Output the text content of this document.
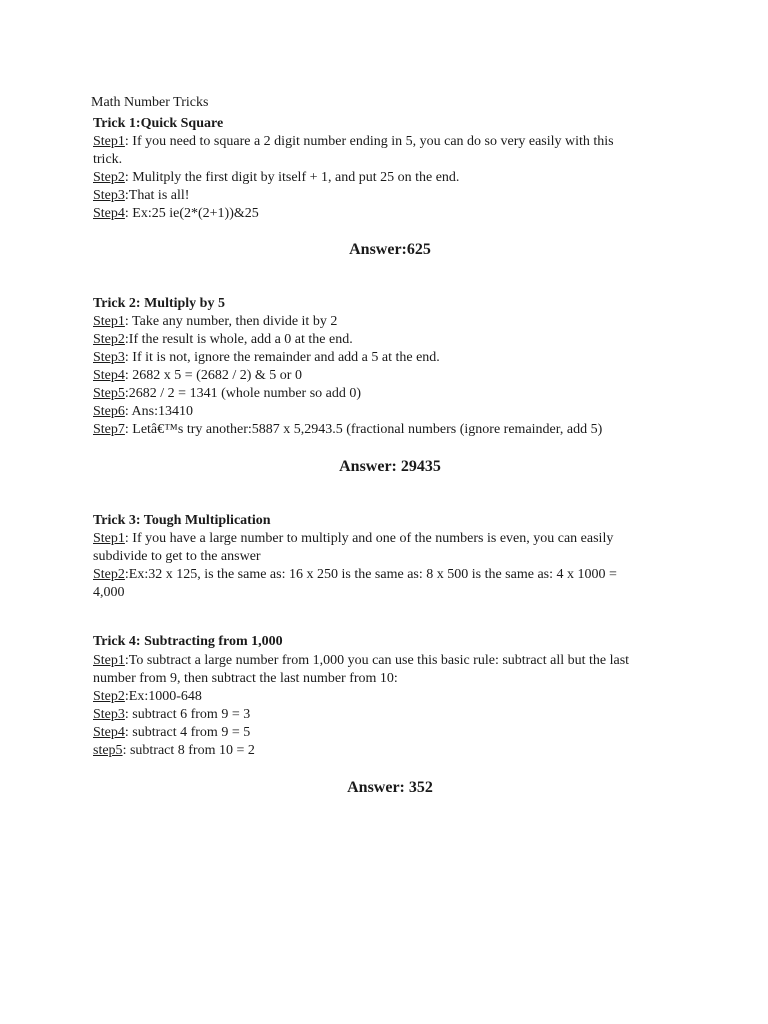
Math Number Tricks
Trick 1:Quick Square
Step1: If you need to square a 2 digit number ending in 5, you can do so very easily with this
trick.
Step2: Mulitply the first digit by itself + 1, and put 25 on the end.
Step3:That is all!
Step4: Ex:25 ie(2*(2+1))&25
Answer:625
Trick 2: Multiply by 5
Step1: Take any number, then divide it by 2
Step2:If the result is whole, add a 0 at the end.
Step3: If it is not, ignore the remainder and add a 5 at the end.
Step4: 2682 x 5 = (2682 / 2) & 5 or 0
Step5:2682 / 2 = 1341 (whole number so add 0)
Step6: Ans:13410
Step7: Letâ€™s try another:5887 x 5,2943.5 (fractional numbers (ignore remainder, add 5)
Answer: 29435
Trick 3: Tough Multiplication
Step1: If you have a large number to multiply and one of the numbers is even, you can easily
subdivide to get to the answer
Step2:Ex:32 x 125, is the same as: 16 x 250 is the same as: 8 x 500 is the same as: 4 x 1000 =
4,000
Trick 4: Subtracting from 1,000
Step1:To subtract a large number from 1,000 you can use this basic rule: subtract all but the last
number from 9, then subtract the last number from 10:
Step2:Ex:1000-648
Step3: subtract 6 from 9 = 3
Step4: subtract 4 from 9 = 5
step5: subtract 8 from 10 = 2
Answer: 352
